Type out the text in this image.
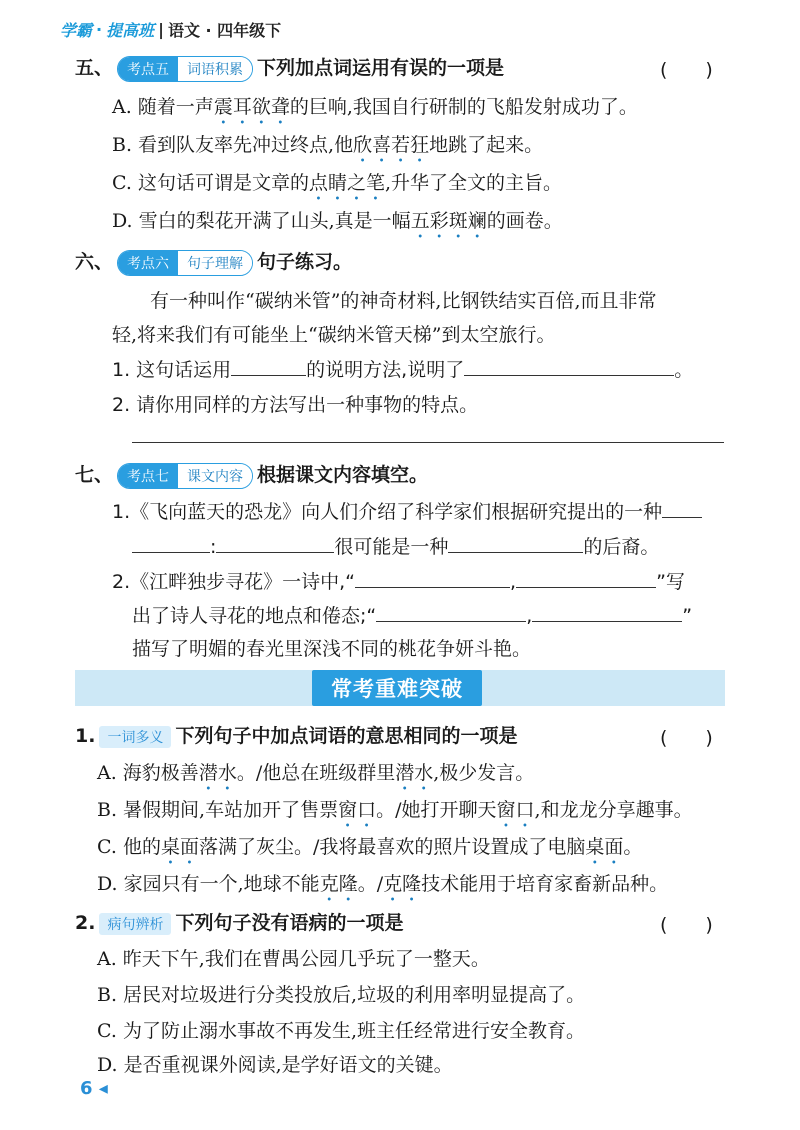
学霸 · 提高班 | 语文 · 四年级下
五、	考点五	词语积累 下列加点词运用有误的一项是	(　　)
A. 随着一声震耳欲聋的巨响,我国自行研制的飞船发射成功了。
B. 看到队友率先冲过终点,他欣喜若狂地跳了起来。
C. 这句话可谓是文章的点睛之笔,升华了全文的主旨。
D. 雪白的梨花开满了山头,真是一幅五彩斑斓的画卷。
六、	考点六	句子理解 句子练习。
有一种叫作“碳纳米管”的神奇材料,比钢铁结实百倍,而且非常
轻,将来我们有可能坐上“碳纳米管天梯”到太空旅行。
1. 这句话运用	的说明方法,说明了	。
2. 请你用同样的方法写出一种事物的特点。
七、	考点七	课文内容 根据课文内容填空。
1.《飞向蓝天的恐龙》向人们介绍了科学家们根据研究提出的一种
:	很可能是一种	的后裔。
2.《江畔独步寻花》一诗中,“	,	”写
出了诗人寻花的地点和倦态;“	,	”
描写了明媚的春光里深浅不同的桃花争妍斗艳。
常考重难突破
1. 一词多义 下列句子中加点词语的意思相同的一项是	(　　)
A. 海豹极善潜水。/他总在班级群里潜水,极少发言。
B. 暑假期间,车站加开了售票窗口。/她打开聊天窗口,和龙龙分享趣事。
C. 他的桌面落满了灰尘。/我将最喜欢的照片设置成了电脑桌面。
D. 家园只有一个,地球不能克隆。/克隆技术能用于培育家畜新品种。
2. 病句辨析 下列句子没有语病的一项是	(　　)
A. 昨天下午,我们在曹禺公园几乎玩了一整天。
B. 居民对垃圾进行分类投放后,垃圾的利用率明显提高了。
C. 为了防止溺水事故不再发生,班主任经常进行安全教育。
D. 是否重视课外阅读,是学好语文的关键。
6 ◂
